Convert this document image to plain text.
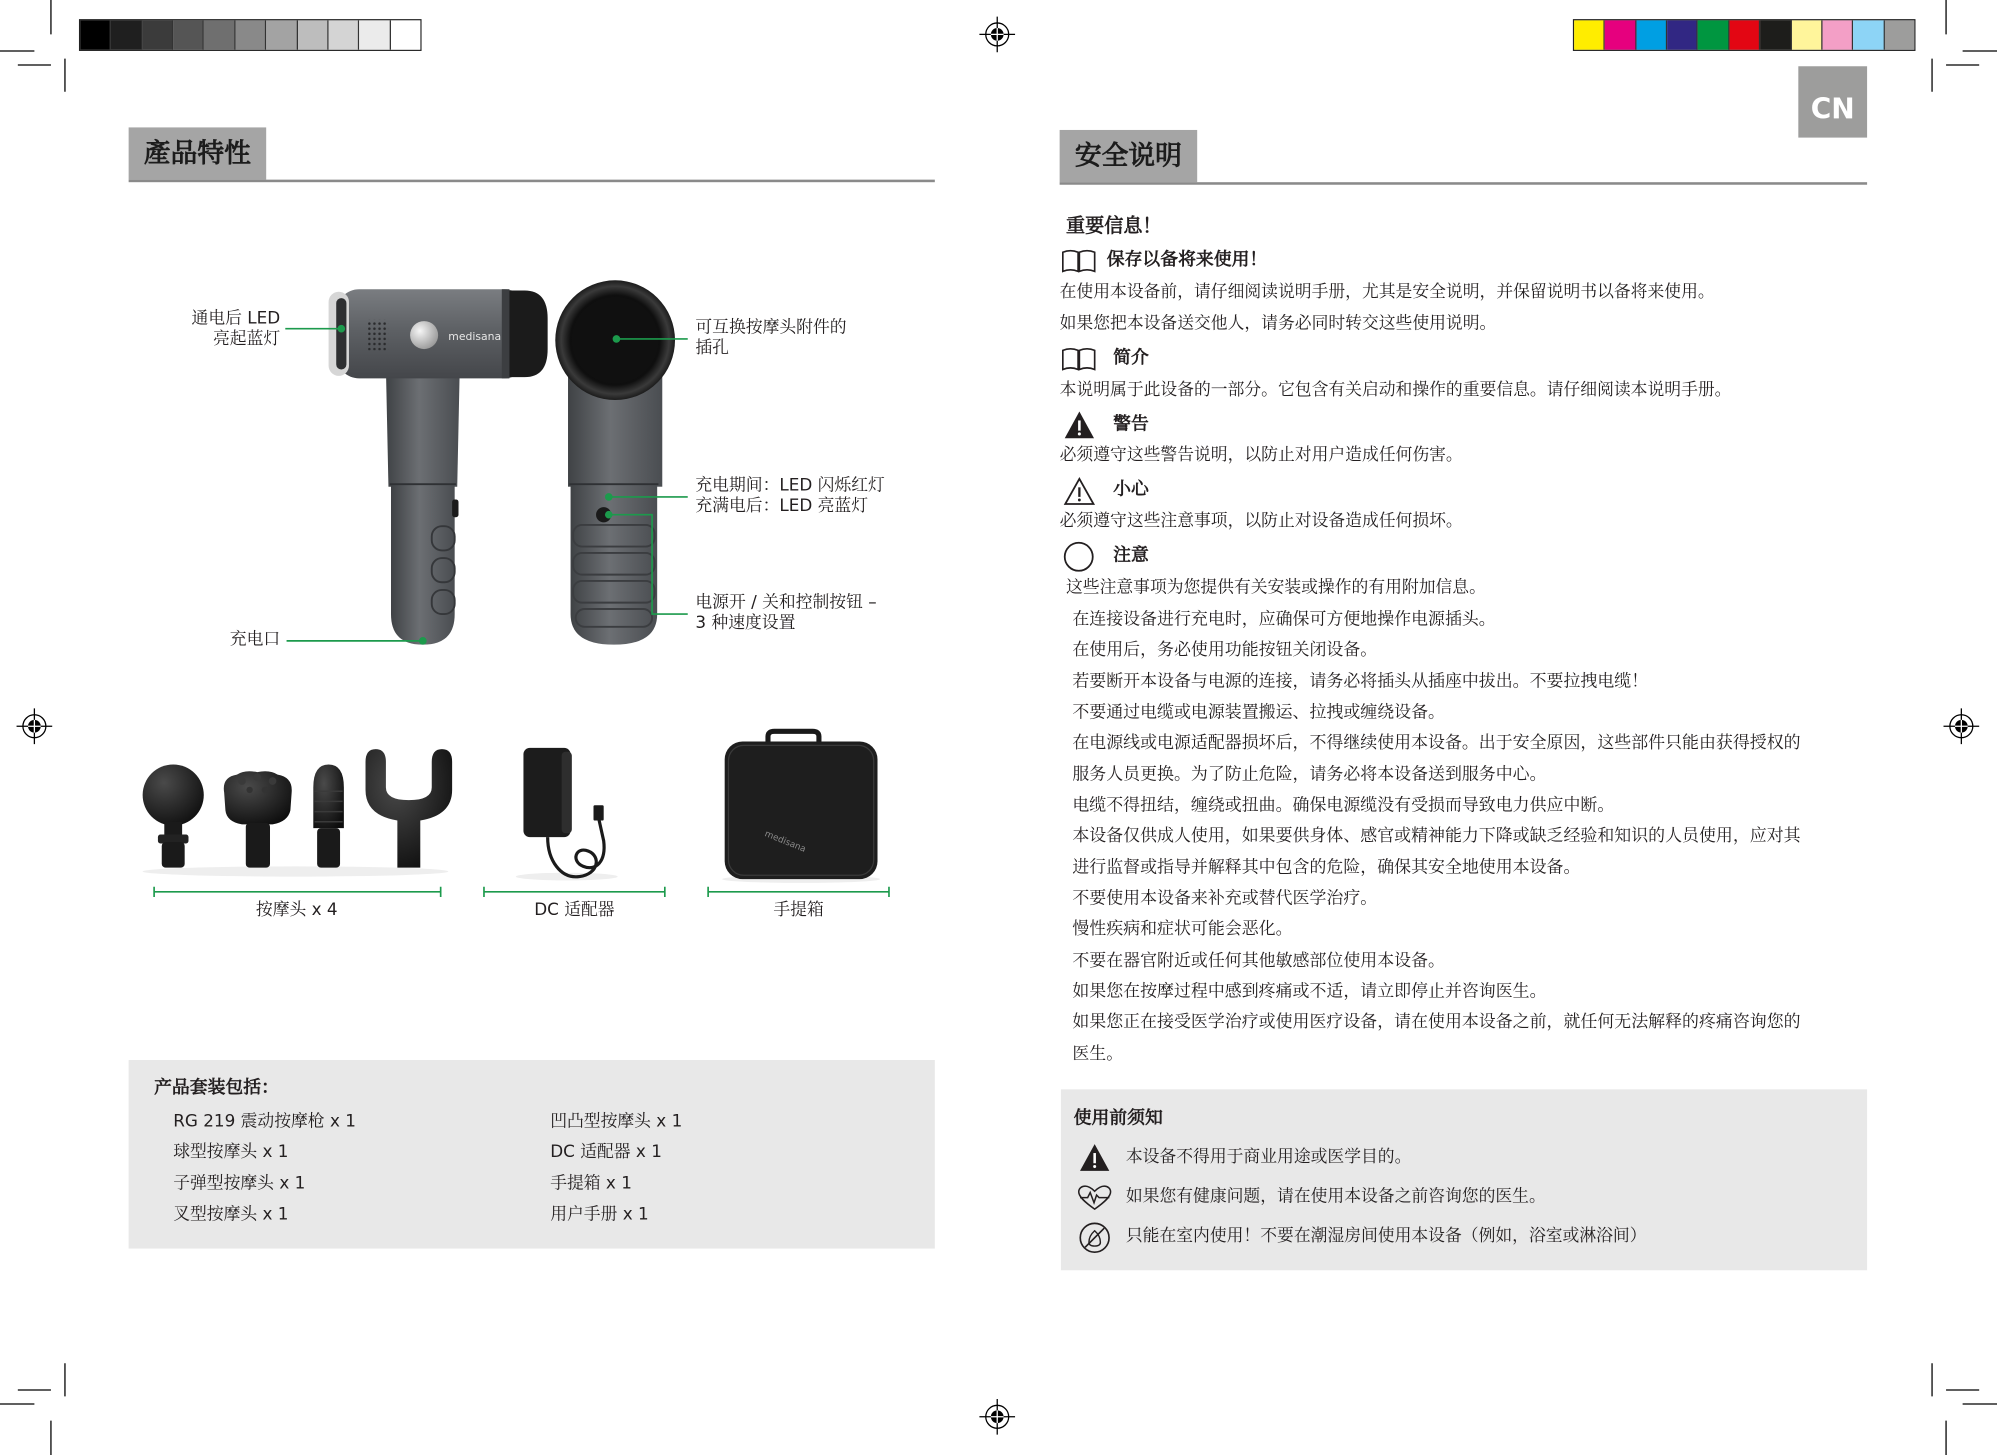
CN
產品特性
medisana
medisana
通电后 LED
亮起蓝灯
可互换按摩头附件的
插孔
充电期间：LED 闪烁红灯
充满电后：LED 亮蓝灯
电源开 / 关和控制按钮 –
3 种速度设置
充电口
按摩头 x 4	DC 适配器	手提箱
产品套装包括：
RG 219 震动按摩枪 x 1
球型按摩头 x 1
子弹型按摩头 x 1
叉型按摩头 x 1
凹凸型按摩头 x 1
DC 适配器 x 1
手提箱 x 1
用户手册 x 1
安全说明
重要信息！
保存以备将来使用！
在使用本设备前，请仔细阅读说明手册，尤其是安全说明，并保留说明书以备将来使用。
如果您把本设备送交他人，请务必同时转交这些使用说明。
简介
本说明属于此设备的一部分。它包含有关启动和操作的重要信息。请仔细阅读本说明手册。
警告
必须遵守这些警告说明，以防止对用户造成任何伤害。
小心
必须遵守这些注意事项，以防止对设备造成任何损坏。
注意
这些注意事项为您提供有关安装或操作的有用附加信息。
在连接设备进行充电时，应确保可方便地操作电源插头。
在使用后，务必使用功能按钮关闭设备。
若要断开本设备与电源的连接，请务必将插头从插座中拔出。不要拉拽电缆！
不要通过电缆或电源装置搬运、拉拽或缠绕设备。
在电源线或电源适配器损坏后，不得继续使用本设备。出于安全原因，这些部件只能由获得授权的
服务人员更换。为了防止危险，请务必将本设备送到服务中心。
电缆不得扭结，缠绕或扭曲。确保电源缆没有受损而导致电力供应中断。
本设备仅供成人使用，如果要供身体、感官或精神能力下降或缺乏经验和知识的人员使用，应对其
进行监督或指导并解释其中包含的危险，确保其安全地使用本设备。
不要使用本设备来补充或替代医学治疗。
慢性疾病和症状可能会恶化。
不要在器官附近或任何其他敏感部位使用本设备。
如果您在按摩过程中感到疼痛或不适，请立即停止并咨询医生。
如果您正在接受医学治疗或使用医疗设备，请在使用本设备之前，就任何无法解释的疼痛咨询您的
医生。
使用前须知
本设备不得用于商业用途或医学目的。
如果您有健康问题，请在使用本设备之前咨询您的医生。
只能在室内使用！不要在潮湿房间使用本设备（例如，浴室或淋浴间）
